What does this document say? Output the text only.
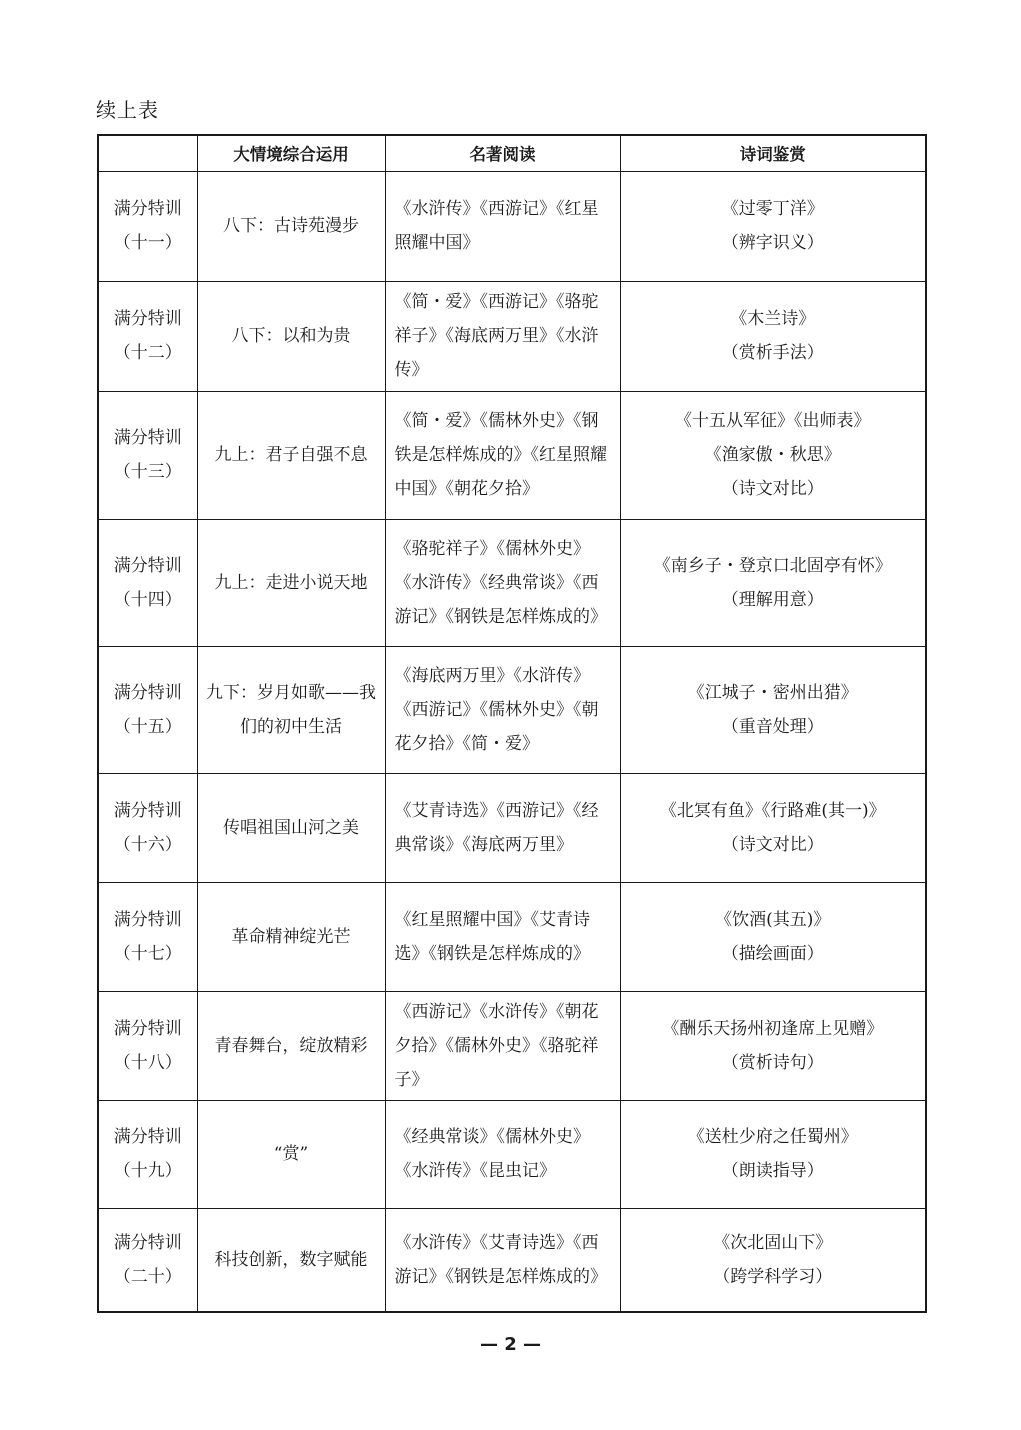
续上表
	大情境综合运用	名著阅读	诗词鉴赏

满分特训
（十一）	八下：古诗苑漫步	《水浒传》《西游记》《红星照耀中国》	《过零丁洋》
（辨字识义）

满分特训
（十二）	八下：以和为贵	《简・爱》《西游记》《骆驼祥子》《海底两万里》《水浒传》	《木兰诗》
（赏析手法）

满分特训
（十三）	九上：君子自强不息	《简・爱》《儒林外史》《钢铁是怎样炼成的》《红星照耀中国》《朝花夕拾》	《十五从军征》《出师表》
《渔家傲・秋思》
（诗文对比）

满分特训
（十四）	九上：走进小说天地	《骆驼祥子》《儒林外史》《水浒传》《经典常谈》《西游记》《钢铁是怎样炼成的》	《南乡子・登京口北固亭有怀》
（理解用意）

满分特训
（十五）	九下：岁月如歌——我们的初中生活	《海底两万里》《水浒传》《西游记》《儒林外史》《朝花夕拾》《简・爱》	《江城子・密州出猎》
（重音处理）

满分特训
（十六）	传唱祖国山河之美	《艾青诗选》《西游记》《经典常谈》《海底两万里》	《北冥有鱼》《行路难(其一)》
（诗文对比）

满分特训
（十七）	革命精神绽光芒	《红星照耀中国》《艾青诗选》《钢铁是怎样炼成的》	《饮酒(其五)》
（描绘画面）

满分特训
（十八）	青春舞台，绽放精彩	《西游记》《水浒传》《朝花夕拾》《儒林外史》《骆驼祥子》	《酬乐天扬州初逢席上见赠》
（赏析诗句）

满分特训
（十九）	“赏”	《经典常谈》《儒林外史》《水浒传》《昆虫记》	《送杜少府之任蜀州》
（朗读指导）

满分特训
（二十）	科技创新，数字赋能	《水浒传》《艾青诗选》《西游记》《钢铁是怎样炼成的》	《次北固山下》
（跨学科学习）
— 2 —
